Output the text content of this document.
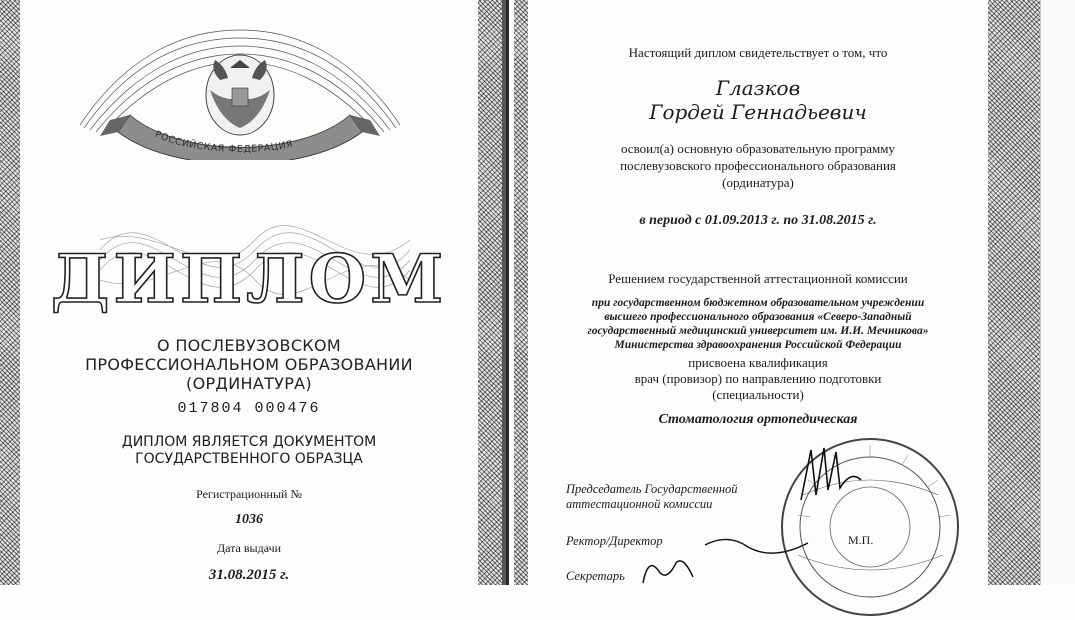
РОССИЙСКАЯ ФЕДЕРАЦИЯ
ДИПЛОМ
О ПОСЛЕВУЗОВСКОМ
ПРОФЕССИОНАЛЬНОМ ОБРАЗОВАНИИ
(ОРДИНАТУРА)
017804 000476
ДИПЛОМ ЯВЛЯЕТСЯ ДОКУМЕНТОМ
ГОСУДАРСТВЕННОГО ОБРАЗЦА
Регистрационный №
1036
Дата выдачи
31.08.2015 г.
Настоящий диплом свидетельствует о том, что
Глазков
Гордей Геннадьевич
освоил(а) основную образовательную программу
послевузовского профессионального образования
(ординатура)
в период с 01.09.2013 г. по 31.08.2015 г.
Решением государственной аттестационной комиссии
при государственном бюджетном образовательном учреждении
высшего профессионального образования «Северо-Западный
государственный медицинский университет им. И.И. Мечникова»
Министерства здравоохранения Российской Федерации
присвоена квалификация
врач (провизор) по направлению подготовки
(специальности)
Стоматология ортопедическая
Председатель Государственной
аттестационной комиссии
Ректор/Директор	М.П.
Секретарь
